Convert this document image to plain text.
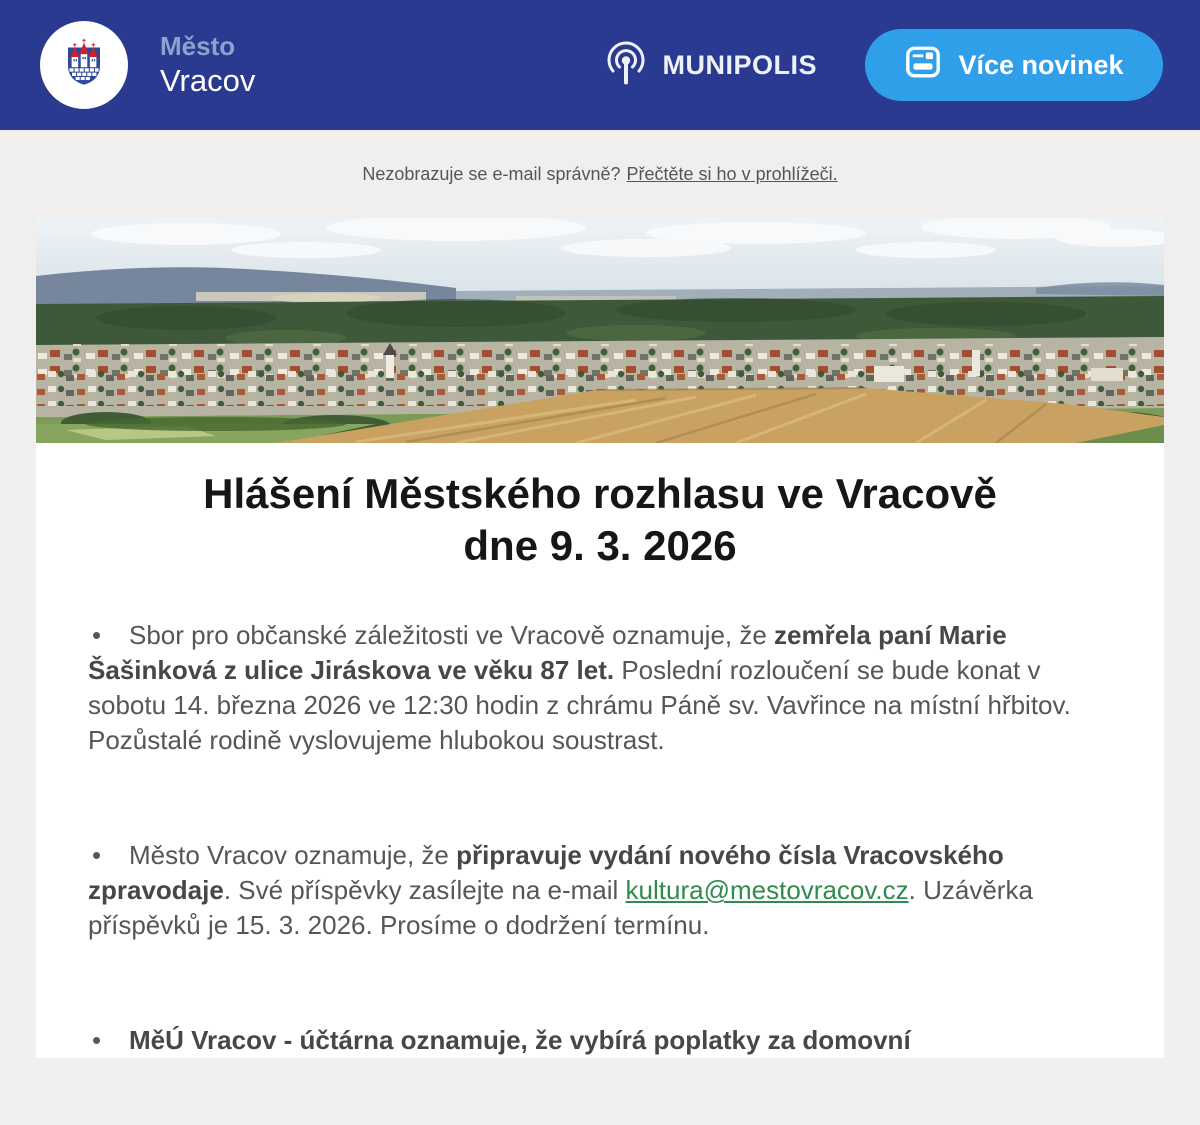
Město
Vracov	MUNIPOLIS	Více novinek
Nezobrazuje se e-mail správně? Přečtěte si ho v prohlížeči.
Hlášení Městského rozhlasu ve Vracově
dne 9. 3. 2026

• Sbor pro občanské záležitosti ve Vracově oznamuje, že zemřela paní Marie Šašinková z ulice Jiráskova ve věku 87 let. Poslední rozloučení se bude konat v sobotu 14. března 2026 ve 12:30 hodin z chrámu Páně sv. Vavřince na místní hřbitov. Pozůstalé rodině vyslovujeme hlubokou soustrast.

• Město Vracov oznamuje, že připravuje vydání nového čísla Vracovského zpravodaje. Své příspěvky zasílejte na e-mail kultura@mestovracov.cz. Uzávěrka příspěvků je 15. 3. 2026. Prosíme o dodržení termínu.

• MěÚ Vracov - účtárna oznamuje, že vybírá poplatky za domovní
